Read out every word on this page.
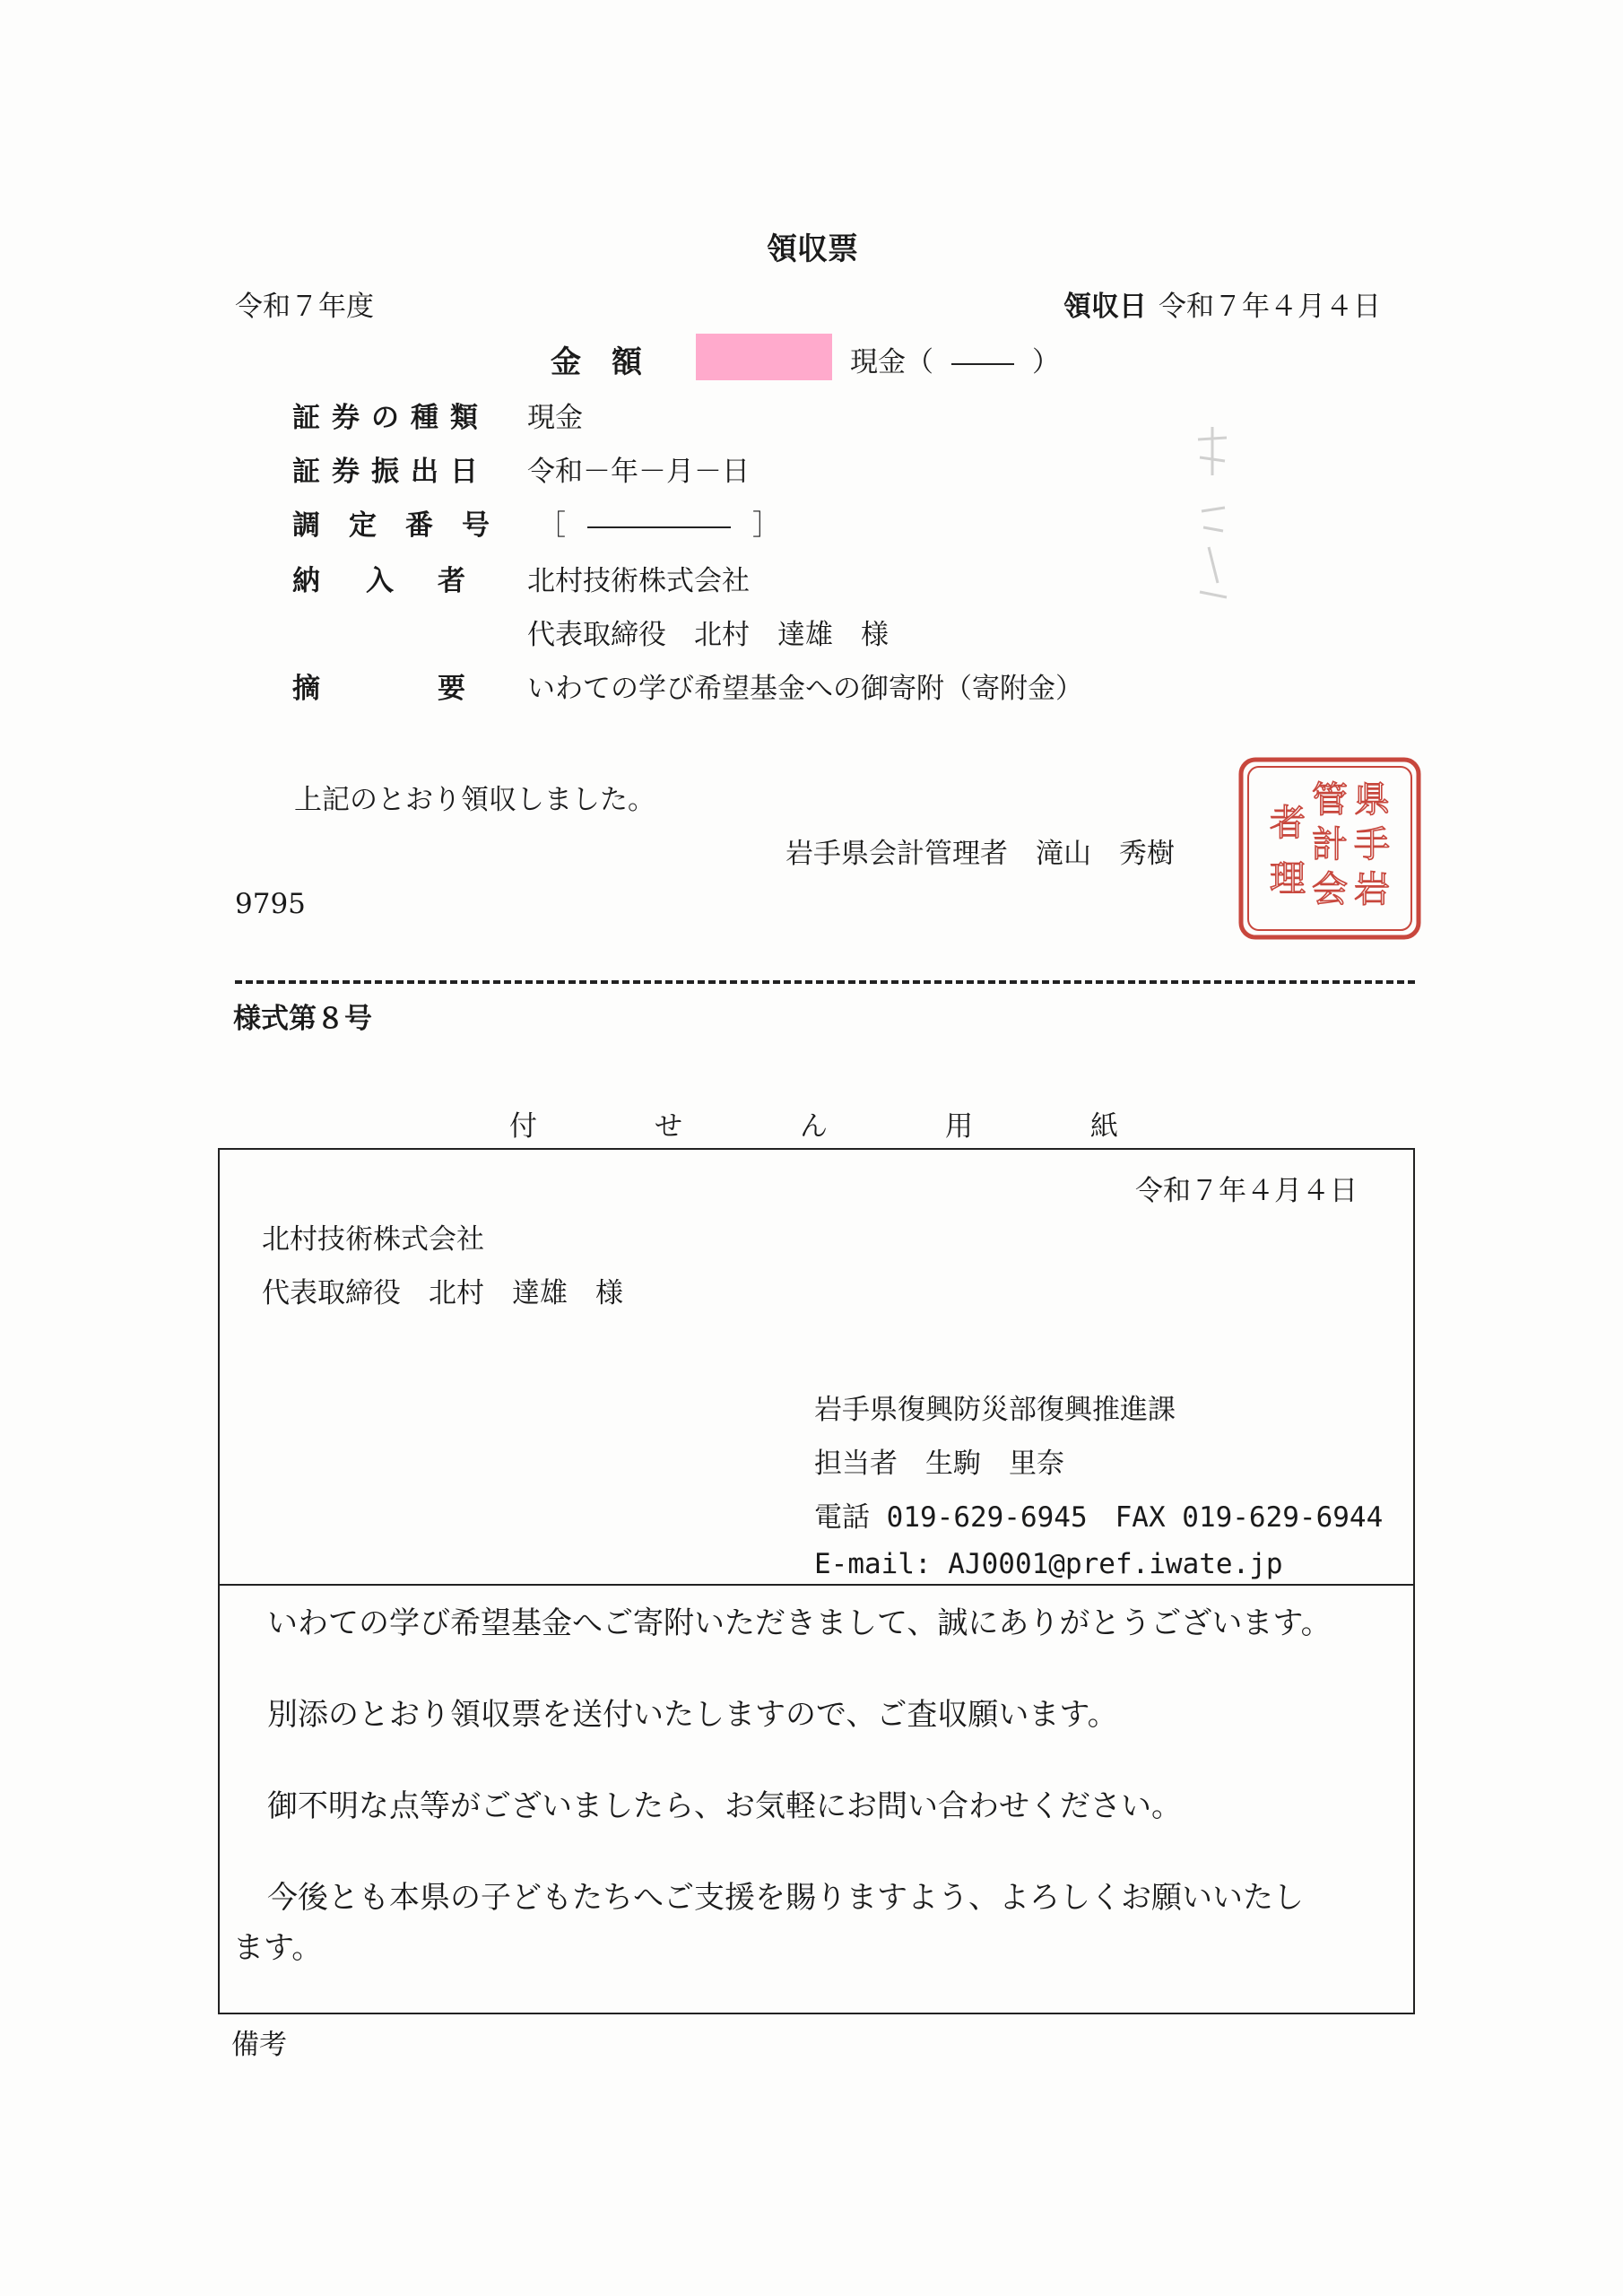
領収票
令和７年度	領収日 令和７年４月４日
金　額	現金（	）
証券の種類 現金
証券振出日 令和－年－月－日
調定番号 ［	］
納 入 者 北村技術株式会社
代表取締役　北村　達雄　様
摘	要 いわての学び希望基金への御寄附（寄附金）
上記のとおり領収しました。
岩手県会計管理者　滝山　秀樹
9795
県
手
岩
管
計
会
者
理
様式第８号
付	せ	ん	用	紙
令和７年４月４日
北村技術株式会社
代表取締役　北村　達雄　様
岩手県復興防災部復興推進課
担当者　生駒　里奈
電話 019-629-6945　FAX 019-629-6944
E-mail: AJ0001@pref.iwate.jp
いわての学び希望基金へご寄附いただきまして、誠にありがとうございます。
別添のとおり領収票を送付いたしますので、ご査収願います。
御不明な点等がございましたら、お気軽にお問い合わせください。
今後とも本県の子どもたちへご支援を賜りますよう、よろしくお願いいたし
ます。
備考
